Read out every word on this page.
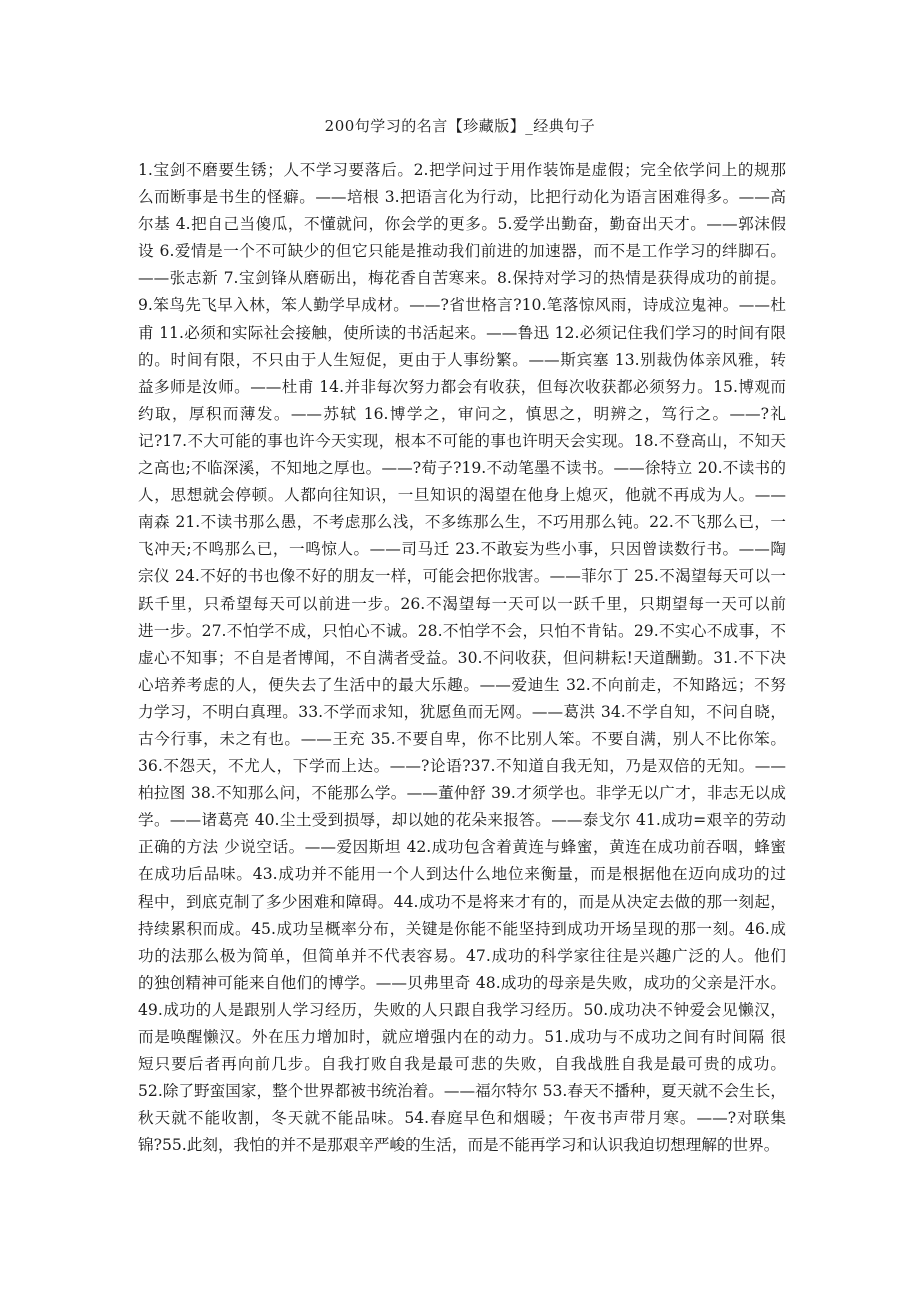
200句学习的名言【珍藏版】_经典句子
1.宝剑不磨要生锈；人不学习要落后。2.把学问过于用作装饰是虚假；完全依学问上的规那
么而断事是书生的怪癖。——培根 3.把语言化为行动，比把行动化为语言困难得多。——高
尔基 4.把自己当傻瓜，不懂就问，你会学的更多。5.爱学出勤奋，勤奋出天才。——郭沫假
设 6.爱情是一个不可缺少的但它只能是推动我们前进的加速器，而不是工作学习的绊脚石。
——张志新 7.宝剑锋从磨砺出，梅花香自苦寒来。8.保持对学习的热情是获得成功的前提。
9.笨鸟先飞早入林，笨人勤学早成材。——?省世格言?10.笔落惊风雨，诗成泣鬼神。——杜
甫 11.必须和实际社会接触，使所读的书活起来。——鲁迅 12.必须记住我们学习的时间有限
的。时间有限，不只由于人生短促，更由于人事纷繁。——斯宾塞 13.别裁伪体亲风雅，转
益多师是汝师。——杜甫 14.并非每次努力都会有收获，但每次收获都必须努力。15.博观而
约取，厚积而薄发。——苏轼 16.博学之，审问之，慎思之，明辨之，笃行之。——?礼
记?17.不大可能的事也许今天实现，根本不可能的事也许明天会实现。18.不登高山，不知天
之高也;不临深溪，不知地之厚也。——?荀子?19.不动笔墨不读书。——徐特立 20.不读书的
人，思想就会停顿。人都向往知识，一旦知识的渴望在他身上熄灭，他就不再成为人。——
南森 21.不读书那么愚，不考虑那么浅，不多练那么生，不巧用那么钝。22.不飞那么已，一
飞冲天;不鸣那么已，一鸣惊人。——司马迁 23.不敢妄为些小事，只因曾读数行书。——陶
宗仪 24.不好的书也像不好的朋友一样，可能会把你戕害。——菲尔丁 25.不渴望每天可以一
跃千里，只希望每天可以前进一步。26.不渴望每一天可以一跃千里，只期望每一天可以前
进一步。27.不怕学不成，只怕心不诚。28.不怕学不会，只怕不肯钻。29.不实心不成事，不
虚心不知事；不自是者博闻，不自满者受益。30.不问收获，但问耕耘!天道酬勤。31.不下决
心培养考虑的人，便失去了生活中的最大乐趣。——爱迪生 32.不向前走，不知路远；不努
力学习，不明白真理。33.不学而求知，犹愿鱼而无网。——葛洪 34.不学自知，不问自晓，
古今行事，未之有也。——王充 35.不要自卑，你不比别人笨。不要自满，别人不比你笨。
36.不怨天，不尤人，下学而上达。——?论语?37.不知道自我无知，乃是双倍的无知。——
柏拉图 38.不知那么问，不能那么学。——董仲舒 39.才须学也。非学无以广才，非志无以成
学。——诸葛亮 40.尘土受到损辱，却以她的花朵来报答。——泰戈尔 41.成功=艰辛的劳动
正确的方法 少说空话。——爱因斯坦 42.成功包含着黄连与蜂蜜，黄连在成功前吞咽，蜂蜜
在成功后品味。43.成功并不能用一个人到达什么地位来衡量，而是根据他在迈向成功的过
程中，到底克制了多少困难和障碍。44.成功不是将来才有的，而是从决定去做的那一刻起，
持续累积而成。45.成功呈概率分布，关键是你能不能坚持到成功开场呈现的那一刻。46.成
功的法那么极为简单，但简单并不代表容易。47.成功的科学家往往是兴趣广泛的人。他们
的独创精神可能来自他们的博学。——贝弗里奇 48.成功的母亲是失败，成功的父亲是汗水。
49.成功的人是跟别人学习经历，失败的人只跟自我学习经历。50.成功决不钟爱会见懒汉，
而是唤醒懒汉。外在压力增加时，就应增强内在的动力。51.成功与不成功之间有时间隔 很
短只要后者再向前几步。自我打败自我是最可悲的失败，自我战胜自我是最可贵的成功。
52.除了野蛮国家，整个世界都被书统治着。——福尔特尔 53.春天不播种，夏天就不会生长，
秋天就不能收割，冬天就不能品味。54.春庭早色和烟暖；午夜书声带月寒。——?对联集
锦?55.此刻，我怕的并不是那艰辛严峻的生活，而是不能再学习和认识我迫切想理解的世界。
